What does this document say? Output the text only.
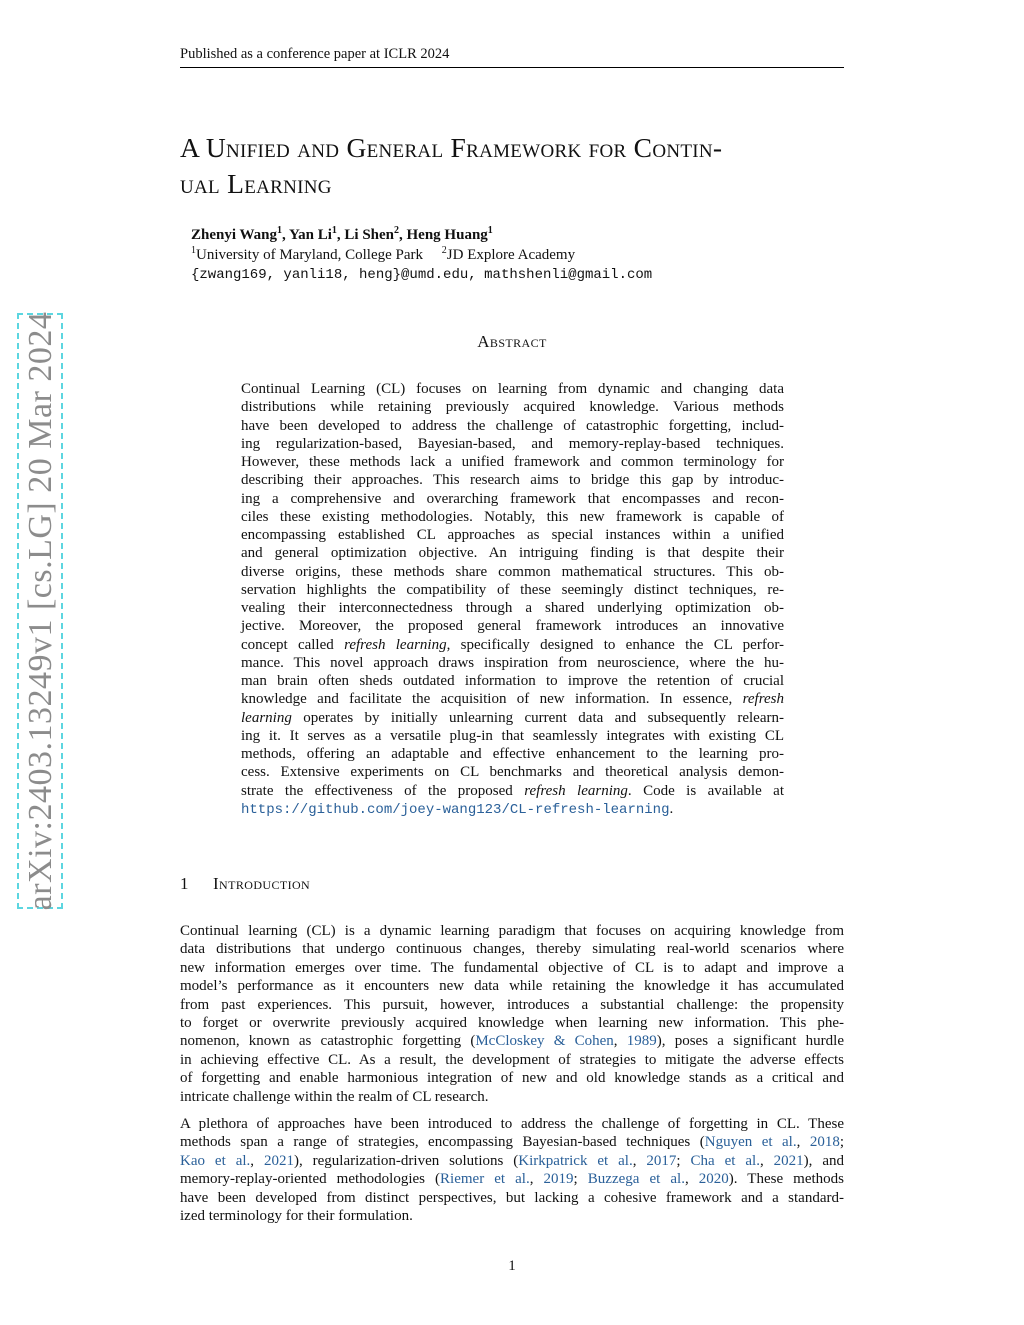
Published as a conference paper at ICLR 2024
A Unified and General Framework for Contin-
ual Learning
Zhenyi Wang$^1$, Yan Li$^1$, Li Shen$^2$, Heng Huang$^1$
$^1$University of Maryland, College Park $^2$JD Explore Academy
{zwang169, yanli18, heng}@umd.edu, mathshenli@gmail.com
arXiv:2403.13249v1 [cs.LG] 20 Mar 2024	Abstract
Continual Learning (CL) focuses on learning from dynamic and changing data
distributions while retaining previously acquired knowledge. Various methods
have been developed to address the challenge of catastrophic forgetting, includ-
ing regularization-based, Bayesian-based, and memory-replay-based techniques.
However, these methods lack a unified framework and common terminology for
describing their approaches. This research aims to bridge this gap by introduc-
ing a comprehensive and overarching framework that encompasses and recon-
ciles these existing methodologies. Notably, this new framework is capable of
encompassing established CL approaches as special instances within a unified
and general optimization objective. An intriguing finding is that despite their
diverse origins, these methods share common mathematical structures. This ob-
servation highlights the compatibility of these seemingly distinct techniques, re-
vealing their interconnectedness through a shared underlying optimization ob-
jective. Moreover, the proposed general framework introduces an innovative
concept called refresh learning, specifically designed to enhance the CL perfor-
mance. This novel approach draws inspiration from neuroscience, where the hu-
man brain often sheds outdated information to improve the retention of crucial
knowledge and facilitate the acquisition of new information. In essence, refresh
learning operates by initially unlearning current data and subsequently relearn-
ing it. It serves as a versatile plug-in that seamlessly integrates with existing CL
methods, offering an adaptable and effective enhancement to the learning pro-
cess. Extensive experiments on CL benchmarks and theoretical analysis demon-
strate the effectiveness of the proposed refresh learning. Code is available at
https://github.com/joey-wang123/CL-refresh-learning.
1 Introduction
Continual learning (CL) is a dynamic learning paradigm that focuses on acquiring knowledge from
data distributions that undergo continuous changes, thereby simulating real-world scenarios where
new information emerges over time. The fundamental objective of CL is to adapt and improve a
model’s performance as it encounters new data while retaining the knowledge it has accumulated
from past experiences. This pursuit, however, introduces a substantial challenge: the propensity
to forget or overwrite previously acquired knowledge when learning new information. This phe-
nomenon, known as catastrophic forgetting (McCloskey & Cohen, 1989), poses a significant hurdle
in achieving effective CL. As a result, the development of strategies to mitigate the adverse effects
of forgetting and enable harmonious integration of new and old knowledge stands as a critical and
intricate challenge within the realm of CL research.
A plethora of approaches have been introduced to address the challenge of forgetting in CL. These
methods span a range of strategies, encompassing Bayesian-based techniques (Nguyen et al., 2018;
Kao et al., 2021), regularization-driven solutions (Kirkpatrick et al., 2017; Cha et al., 2021), and
memory-replay-oriented methodologies (Riemer et al., 2019; Buzzega et al., 2020). These methods
have been developed from distinct perspectives, but lacking a cohesive framework and a standard-
ized terminology for their formulation.
1
